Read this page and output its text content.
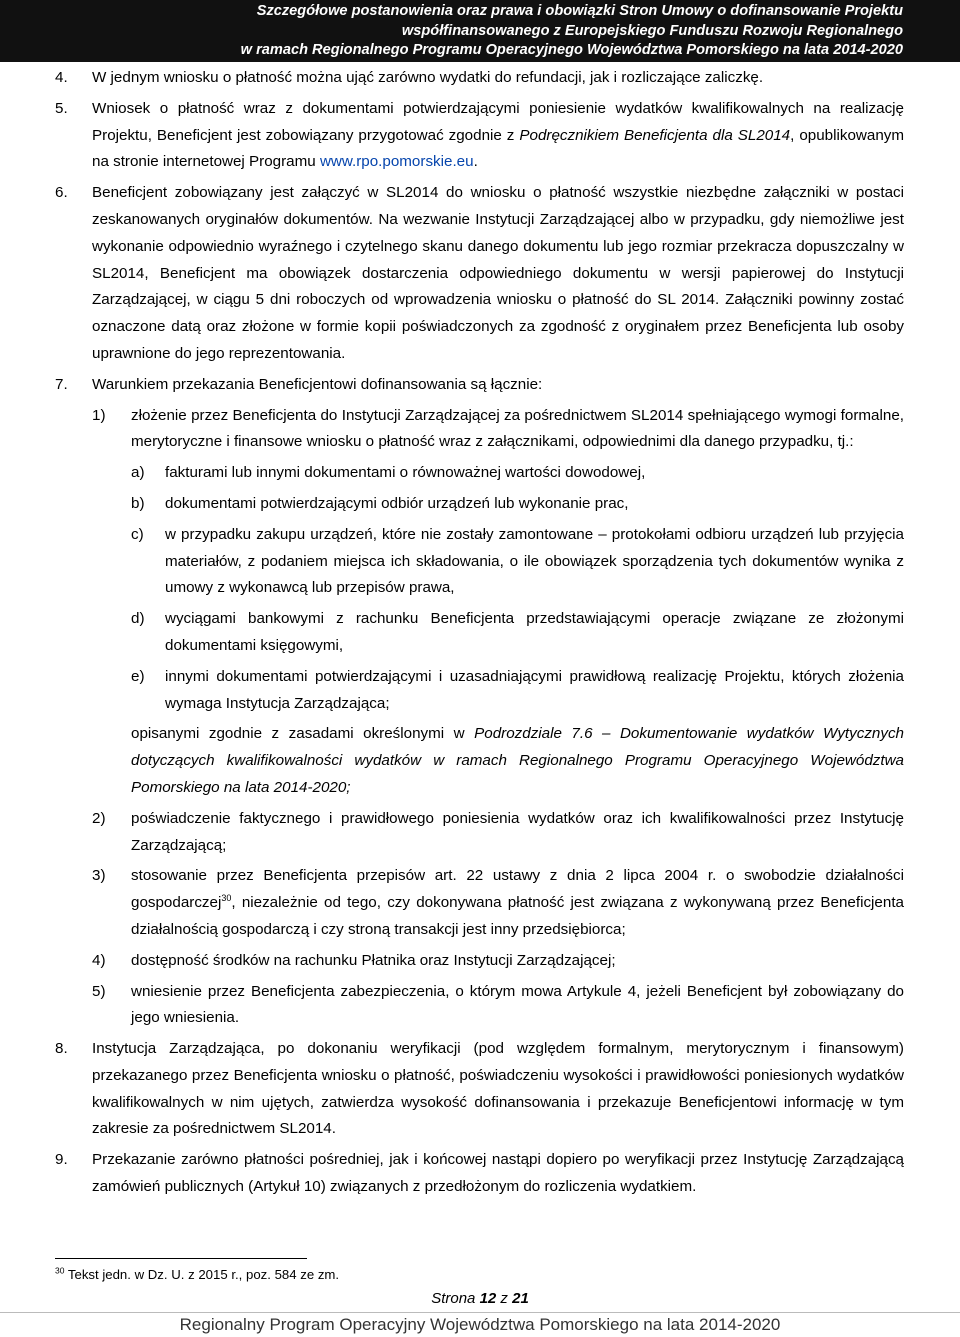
Szczegółowe postanowienia oraz prawa i obowiązki Stron Umowy o dofinansowanie Projektu
współfinansowanego z Europejskiego Funduszu Rozwoju Regionalnego
w ramach Regionalnego Programu Operacyjnego Województwa Pomorskiego na lata 2014-2020
4. W jednym wniosku o płatność można ująć zarówno wydatki do refundacji, jak i rozliczające zaliczkę.
5. Wniosek o płatność wraz z dokumentami potwierdzającymi poniesienie wydatków kwalifikowalnych na realizację Projektu, Beneficjent jest zobowiązany przygotować zgodnie z Podręcznikiem Beneficjenta dla SL2014, opublikowanym na stronie internetowej Programu www.rpo.pomorskie.eu.
6. Beneficjent zobowiązany jest załączyć w SL2014 do wniosku o płatność wszystkie niezbędne załączniki w postaci zeskanowanych oryginałów dokumentów. Na wezwanie Instytucji Zarządzającej albo w przypadku, gdy niemożliwe jest wykonanie odpowiednio wyraźnego i czytelnego skanu danego dokumentu lub jego rozmiar przekracza dopuszczalny w SL2014, Beneficjent ma obowiązek dostarczenia odpowiedniego dokumentu w wersji papierowej do Instytucji Zarządzającej, w ciągu 5 dni roboczych od wprowadzenia wniosku o płatność do SL 2014. Załączniki powinny zostać oznaczone datą oraz złożone w formie kopii poświadczonych za zgodność z oryginałem przez Beneficjenta lub osoby uprawnione do jego reprezentowania.
7. Warunkiem przekazania Beneficjentowi dofinansowania są łącznie:
1) złożenie przez Beneficjenta do Instytucji Zarządzającej za pośrednictwem SL2014 spełniającego wymogi formalne, merytoryczne i finansowe wniosku o płatność wraz z załącznikami, odpowiednimi dla danego przypadku, tj.:
a) fakturami lub innymi dokumentami o równoważnej wartości dowodowej,
b) dokumentami potwierdzającymi odbiór urządzeń lub wykonanie prac,
c) w przypadku zakupu urządzeń, które nie zostały zamontowane – protokołami odbioru urządzeń lub przyjęcia materiałów, z podaniem miejsca ich składowania, o ile obowiązek sporządzenia tych dokumentów wynika z umowy z wykonawcą lub przepisów prawa,
d) wyciągami bankowymi z rachunku Beneficjenta przedstawiającymi operacje związane ze złożonymi dokumentami księgowymi,
e) innymi dokumentami potwierdzającymi i uzasadniającymi prawidłową realizację Projektu, których złożenia wymaga Instytucja Zarządzająca;
opisanymi zgodnie z zasadami określonymi w Podrozdziale 7.6 – Dokumentowanie wydatków Wytycznych dotyczących kwalifikowalności wydatków w ramach Regionalnego Programu Operacyjnego Województwa Pomorskiego na lata 2014-2020;
2) poświadczenie faktycznego i prawidłowego poniesienia wydatków oraz ich kwalifikowalności przez Instytucję Zarządzającą;
3) stosowanie przez Beneficjenta przepisów art. 22 ustawy z dnia 2 lipca 2004 r. o swobodzie działalności gospodarczej$^{30}$, niezależnie od tego, czy dokonywana płatność jest związana z wykonywaną przez Beneficjenta działalnością gospodarczą i czy stroną transakcji jest inny przedsiębiorca;
4) dostępność środków na rachunku Płatnika oraz Instytucji Zarządzającej;
5) wniesienie przez Beneficjenta zabezpieczenia, o którym mowa Artykule 4, jeżeli Beneficjent był zobowiązany do jego wniesienia.
8. Instytucja Zarządzająca, po dokonaniu weryfikacji (pod względem formalnym, merytorycznym i finansowym) przekazanego przez Beneficjenta wniosku o płatność, poświadczeniu wysokości i prawidłowości poniesionych wydatków kwalifikowalnych w nim ujętych, zatwierdza wysokość dofinansowania i przekazuje Beneficjentowi informację w tym zakresie za pośrednictwem SL2014.
9. Przekazanie zarówno płatności pośredniej, jak i końcowej nastąpi dopiero po weryfikacji przez Instytucję Zarządzającą zamówień publicznych (Artykuł 10) związanych z przedłożonym do rozliczenia wydatkiem.
$^{30}$ Tekst jedn. w Dz. U. z 2015 r., poz. 584 ze zm.
Strona 12 z 21
Regionalny Program Operacyjny Województwa Pomorskiego na lata 2014-2020
